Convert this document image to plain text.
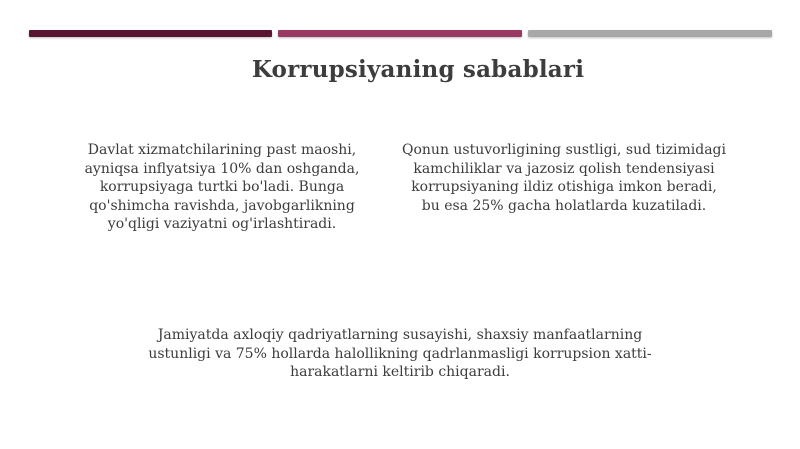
Korrupsiyaning sabablari
Davlat xizmatchilarining past maoshi, ayniqsa inflyatsiya 10% dan oshganda, korrupsiyaga turtki bo'ladi. Bunga qo'shimcha ravishda, javobgarlikning yo'qligi vaziyatni og'irlashtiradi.
Qonun ustuvorligining sustligi, sud tizimidagi kamchiliklar va jazosiz qolish tendensiyasi korrupsiyaning ildiz otishiga imkon beradi, bu esa 25% gacha holatlarda kuzatiladi.
Jamiyatda axloqiy qadriyatlarning susayishi, shaxsiy manfaatlarning ustunligi va 75% hollarda halollikning qadrlanmasligi korrupsion xatti-harakatlarni keltirib chiqaradi.
